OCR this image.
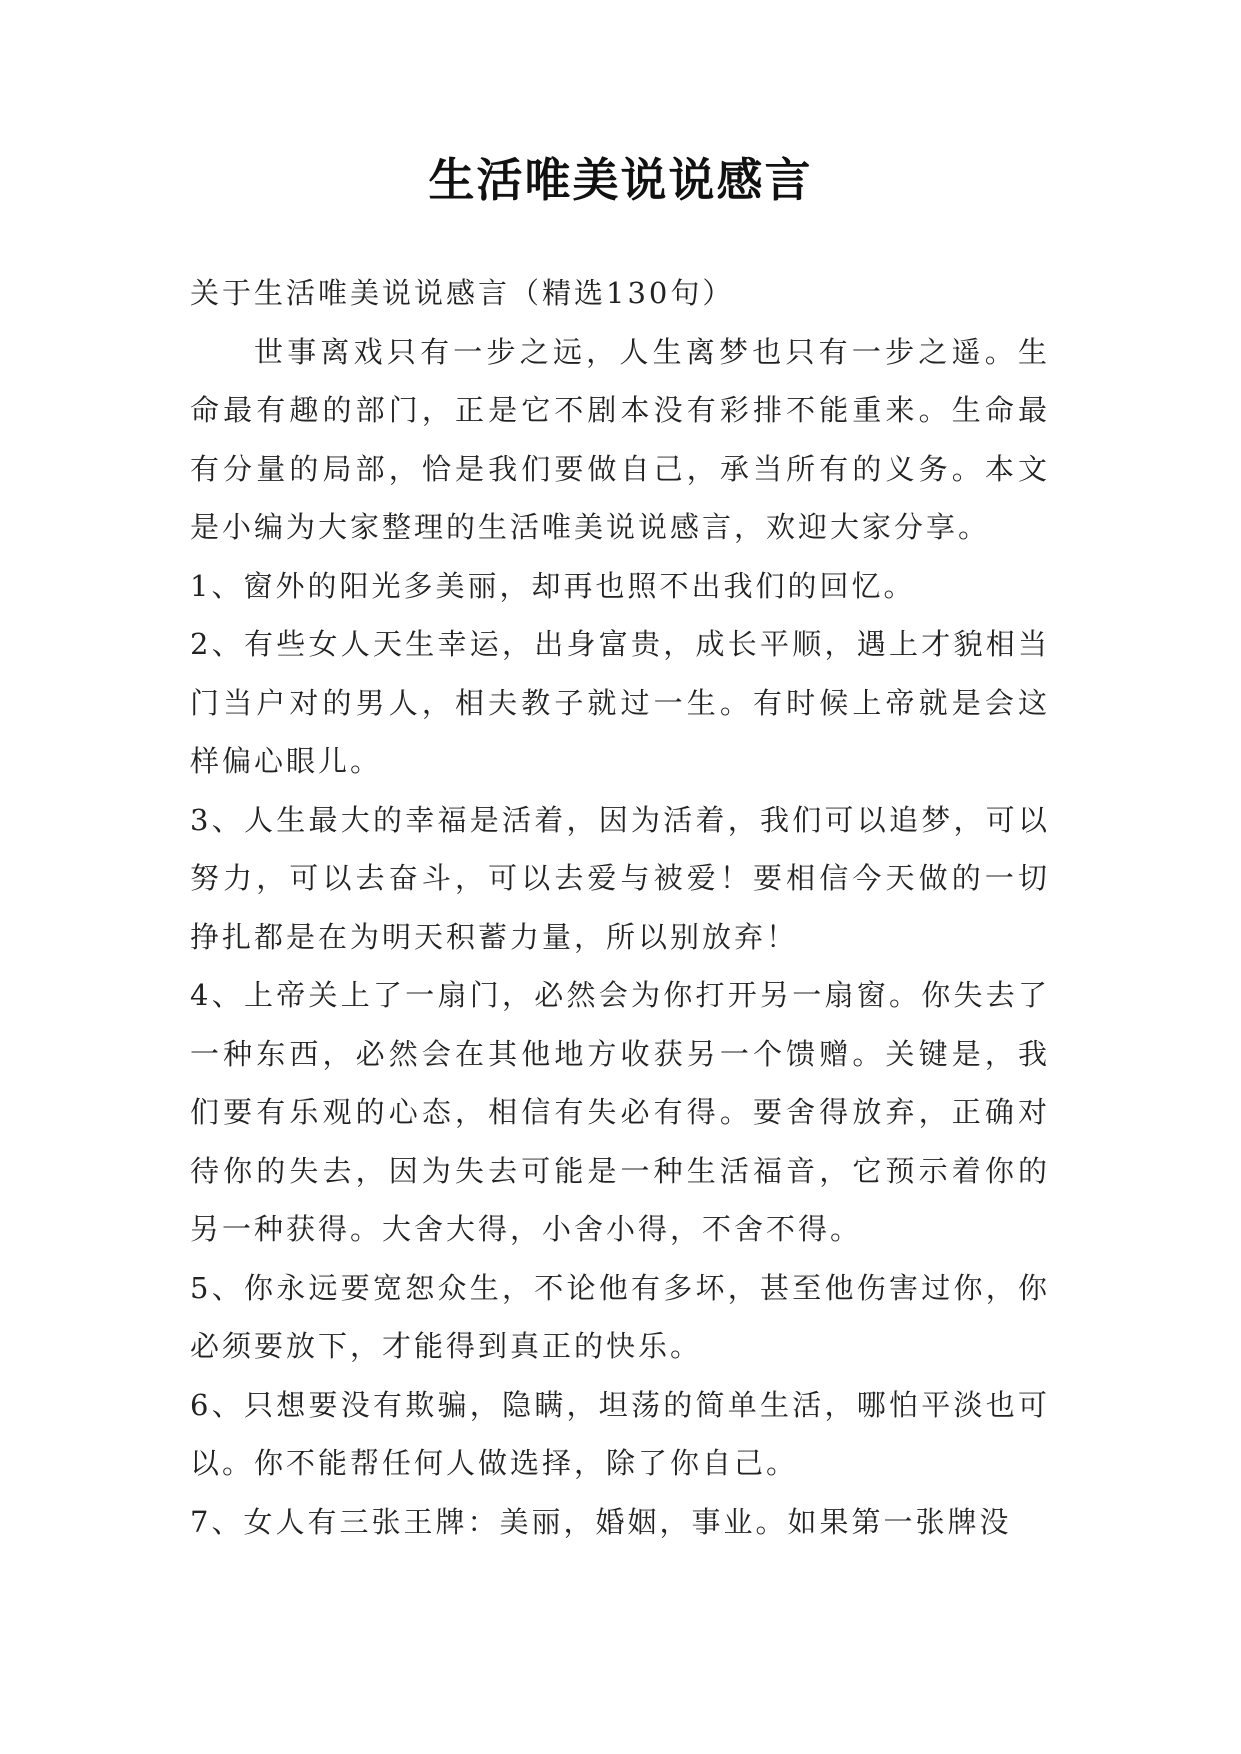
生活唯美说说感言

关于生活唯美说说感言（精选130句）

世事离戏只有一步之远，人生离梦也只有一步之遥。生命最有趣的部门，正是它不剧本没有彩排不能重来。生命最有分量的局部，恰是我们要做自己，承当所有的义务。本文是小编为大家整理的生活唯美说说感言，欢迎大家分享。

1、窗外的阳光多美丽，却再也照不出我们的回忆。

2、有些女人天生幸运，出身富贵，成长平顺，遇上才貌相当门当户对的男人，相夫教子就过一生。有时候上帝就是会这样偏心眼儿。

3、人生最大的幸福是活着，因为活着，我们可以追梦，可以努力，可以去奋斗，可以去爱与被爱！要相信今天做的一切挣扎都是在为明天积蓄力量，所以别放弃！

4、上帝关上了一扇门，必然会为你打开另一扇窗。你失去了一种东西，必然会在其他地方收获另一个馈赠。关键是，我们要有乐观的心态，相信有失必有得。要舍得放弃，正确对待你的失去，因为失去可能是一种生活福音，它预示着你的另一种获得。大舍大得，小舍小得，不舍不得。

5、你永远要宽恕众生，不论他有多坏，甚至他伤害过你，你必须要放下，才能得到真正的快乐。

6、只想要没有欺骗，隐瞒，坦荡的简单生活，哪怕平淡也可以。你不能帮任何人做选择，除了你自己。

7、女人有三张王牌：美丽，婚姻，事业。如果第一张牌没
